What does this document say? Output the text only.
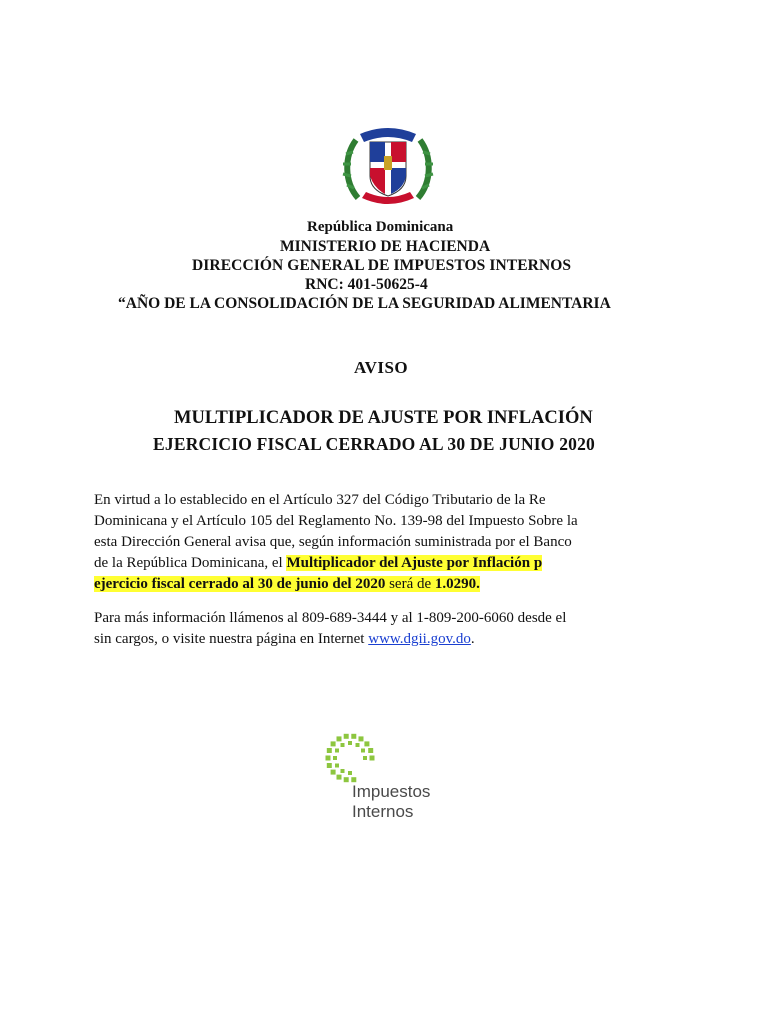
República Dominicana
MINISTERIO DE HACIENDA
DIRECCIÓN GENERAL DE IMPUESTOS INTERNOS
RNC: 401-50625-4
“AÑO DE LA CONSOLIDACIÓN DE LA SEGURIDAD ALIMENTARIA
AVISO
MULTIPLICADOR DE AJUSTE POR INFLACIÓN
EJERCICIO FISCAL CERRADO AL 30 DE JUNIO 2020
En virtud a lo establecido en el Artículo 327 del Código Tributario de la Re
Dominicana y el Artículo 105 del Reglamento No. 139-98 del Impuesto Sobre la
esta Dirección General avisa que, según información suministrada por el Banco
de la República Dominicana, el Multiplicador del Ajuste por Inflación p
ejercicio fiscal cerrado al 30 de junio del 2020 será de 1.0290.
Para más información llámenos al 809-689-3444 y al 1-809-200-6060 desde el
sin cargos, o visite nuestra página en Internet www.dgii.gov.do.
Impuestos
Internos
